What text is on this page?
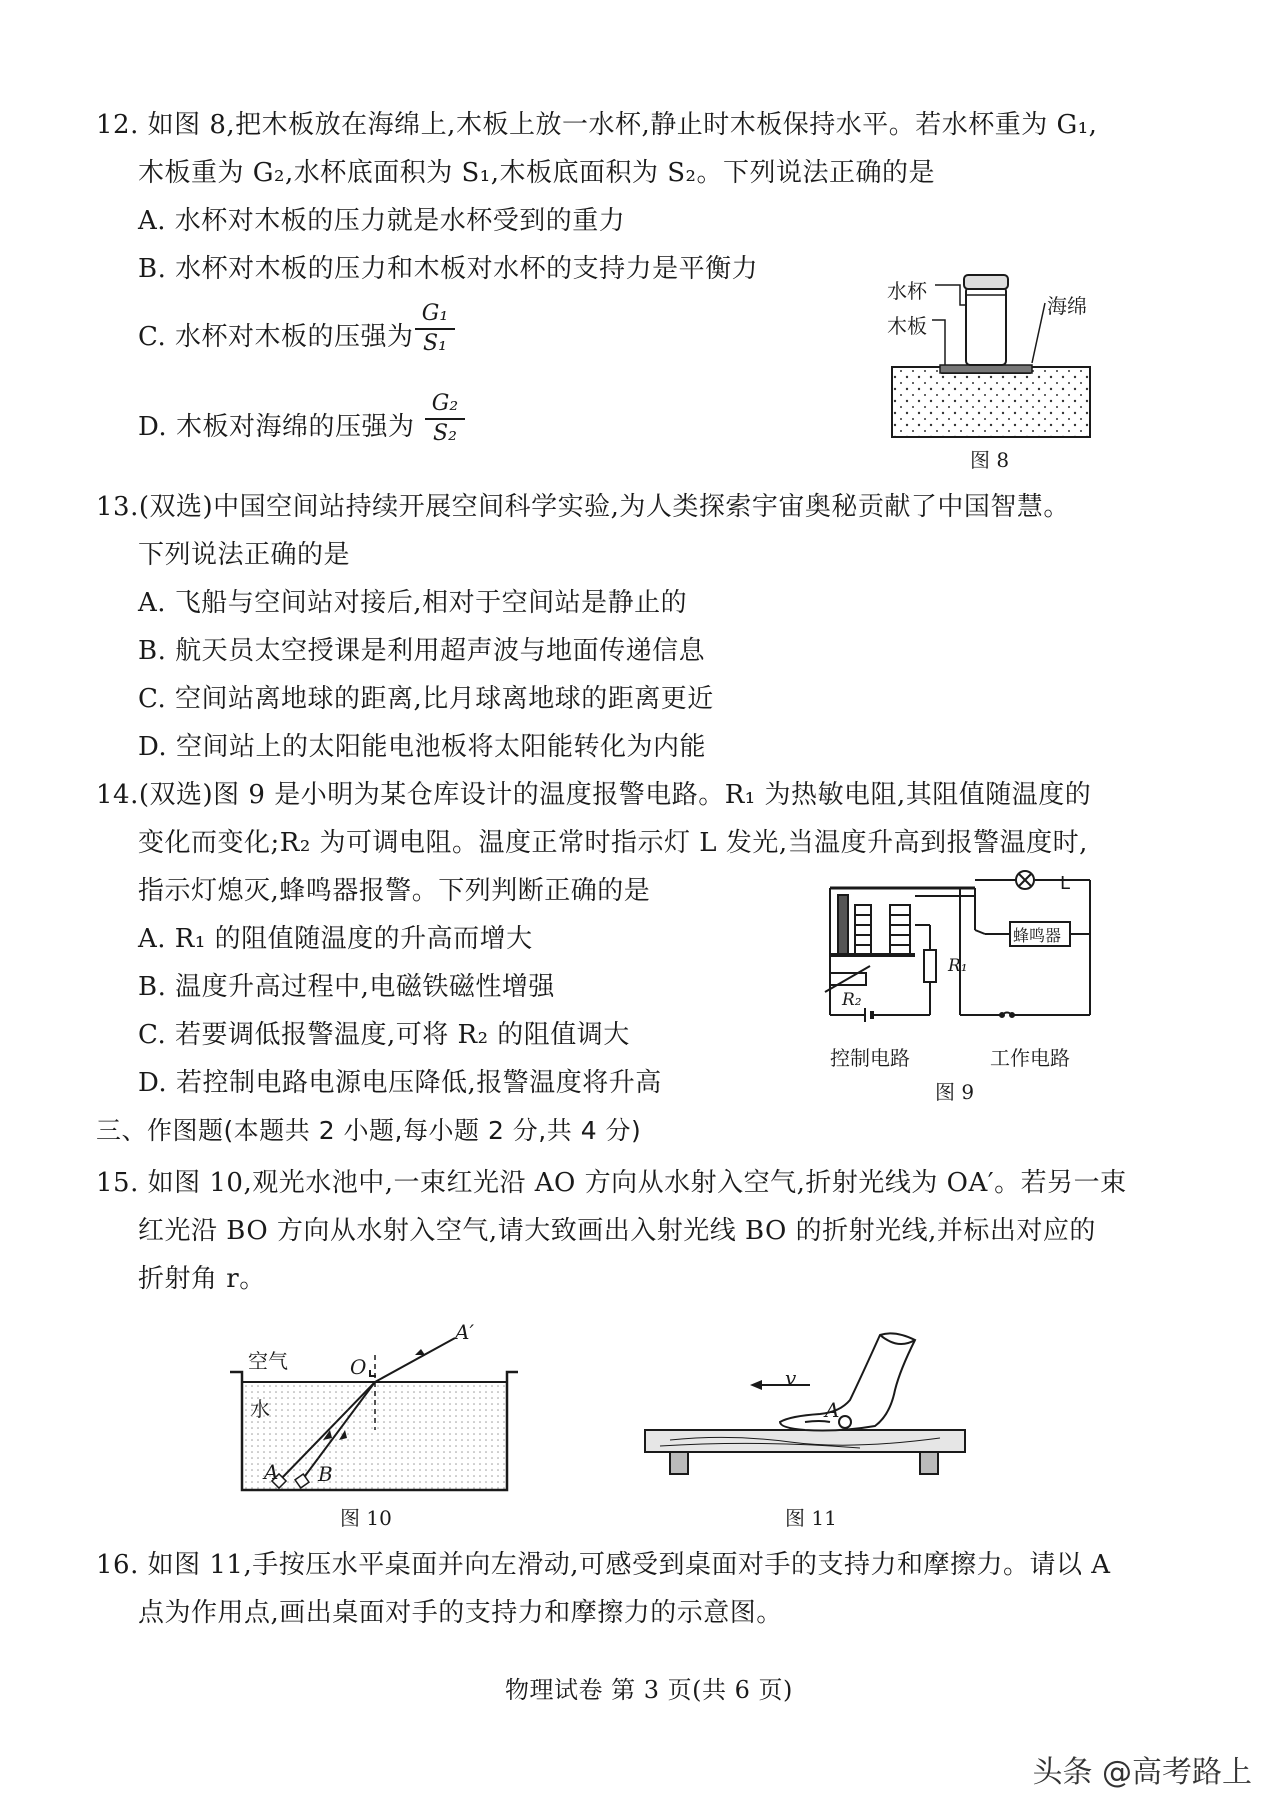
12. 如图 8,把木板放在海绵上,木板上放一水杯,静止时木板保持水平。若水杯重为 G₁,
木板重为 G₂,水杯底面积为 S₁,木板底面积为 S₂。下列说法正确的是
A. 水杯对木板的压力就是水杯受到的重力
B. 水杯对木板的压力和木板对水杯的支持力是平衡力
C. 水杯对木板的压强为
G₁
S₁
D. 木板对海绵的压强为
G₂
S₂
水杯
木板
海绵
图 8
13.(双选)中国空间站持续开展空间科学实验,为人类探索宇宙奥秘贡献了中国智慧。
下列说法正确的是
A. 飞船与空间站对接后,相对于空间站是静止的
B. 航天员太空授课是利用超声波与地面传递信息
C. 空间站离地球的距离,比月球离地球的距离更近
D. 空间站上的太阳能电池板将太阳能转化为内能
14.(双选)图 9 是小明为某仓库设计的温度报警电路。R₁ 为热敏电阻,其阻值随温度的
变化而变化;R₂ 为可调电阻。温度正常时指示灯 L 发光,当温度升高到报警温度时,
指示灯熄灭,蜂鸣器报警。下列判断正确的是
A. R₁ 的阻值随温度的升高而增大
B. 温度升高过程中,电磁铁磁性增强
C. 若要调低报警温度,可将 R₂ 的阻值调大
D. 若控制电路电源电压降低,报警温度将升高
L
蜂鸣器
R₁
R₂
控制电路	工作电路
图 9
三、作图题(本题共 2 小题,每小题 2 分,共 4 分)
15. 如图 10,观光水池中,一束红光沿 AO 方向从水射入空气,折射光线为 OA′。若另一束
红光沿 BO 方向从水射入空气,请大致画出入射光线 BO 的折射光线,并标出对应的
折射角 r。
空气
水
O
A′
A B
图 10
v
A
图 11
16. 如图 11,手按压水平桌面并向左滑动,可感受到桌面对手的支持力和摩擦力。请以 A
点为作用点,画出桌面对手的支持力和摩擦力的示意图。
物理试卷 第 3 页(共 6 页)
头条 @高考路上
